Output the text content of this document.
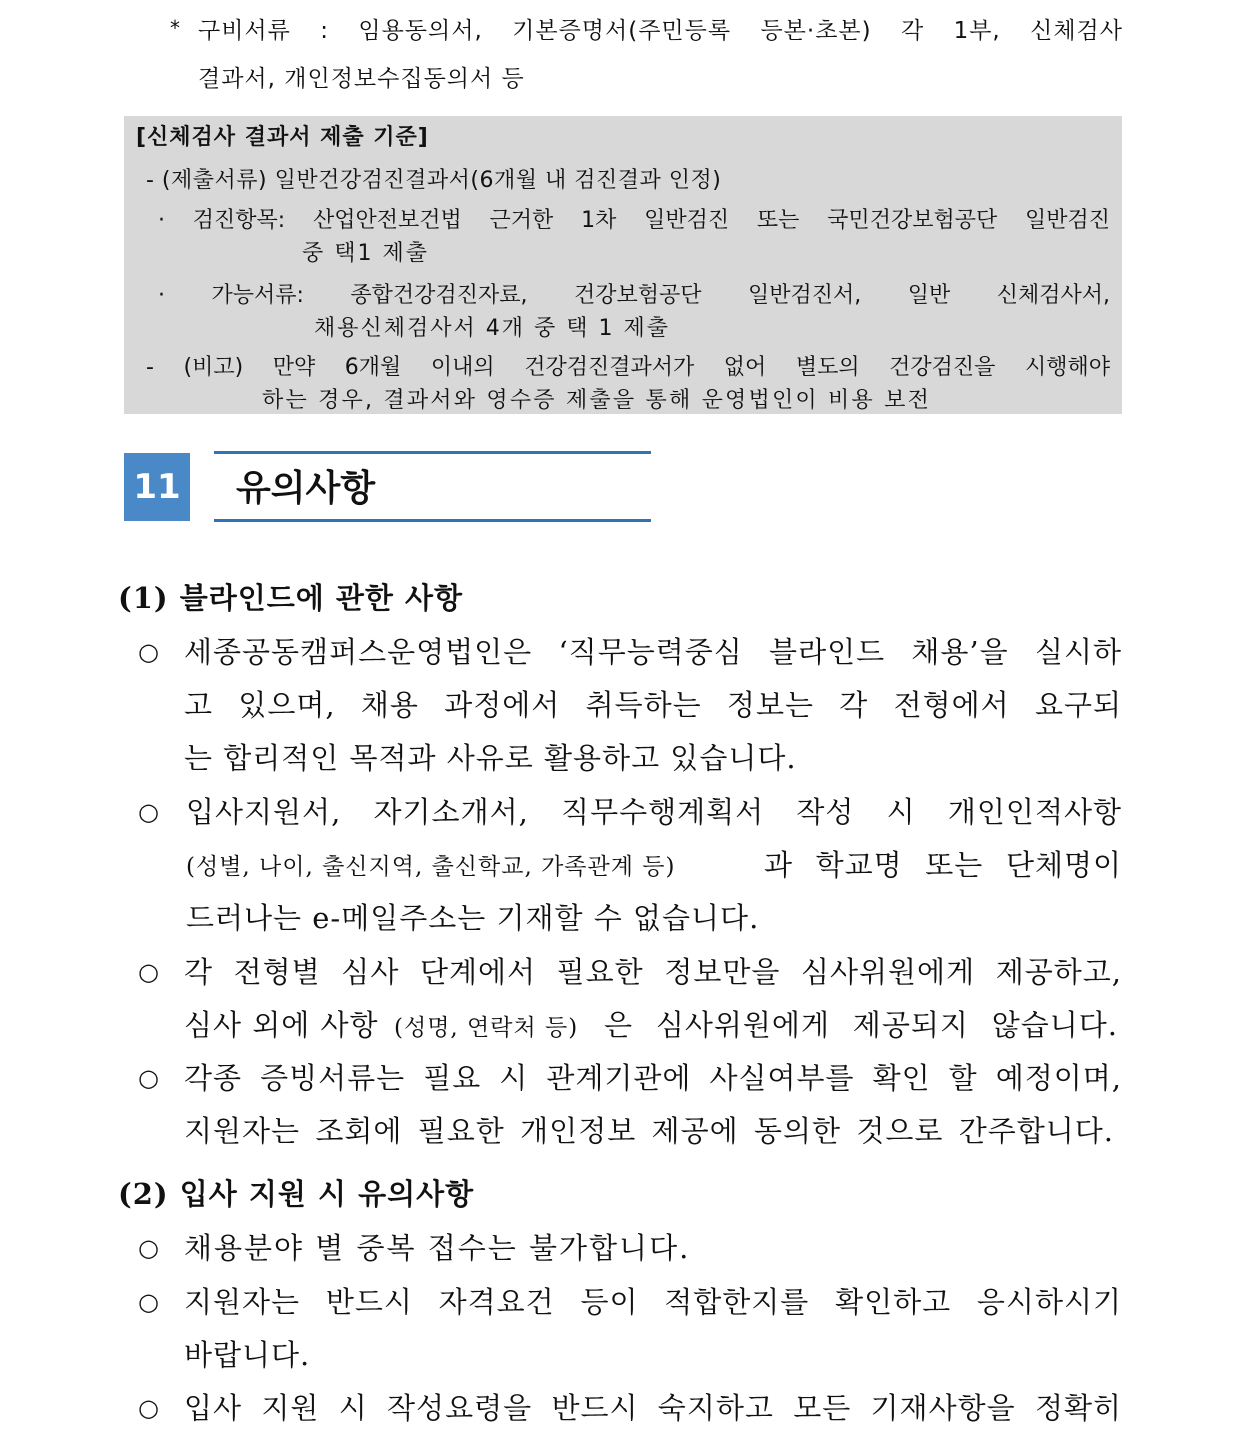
* 구비서류 : 임용동의서, 기본증명서(주민등록 등본·초본) 각 1부, 신체검사
결과서, 개인정보수집동의서 등
[신체검사 결과서 제출 기준]
- (제출서류) 일반건강검진결과서(6개월 내 검진결과 인정)
· 검진항목: 산업안전보건법 근거한 1차 일반검진 또는 국민건강보험공단 일반검진
중 택1 제출
· 가능서류: 종합건강검진자료, 건강보험공단 일반검진서, 일반 신체검사서,
채용신체검사서 4개 중 택 1 제출
- (비고) 만약 6개월 이내의 건강검진결과서가 없어 별도의 건강검진을 시행해야
하는 경우, 결과서와 영수증 제출을 통해 운영법인이 비용 보전
11 유의사항
(1) 블라인드에 관한 사항
○ 세종공동캠퍼스운영법인은 ‘직무능력중심 블라인드 채용’을 실시하
고 있으며, 채용 과정에서 취득하는 정보는 각 전형에서 요구되
는 합리적인 목적과 사유로 활용하고 있습니다.
○ 입사지원서, 자기소개서, 직무수행계획서 작성 시 개인인적사항
(성별, 나이, 출신지역, 출신학교, 가족관계 등)	과 학교명 또는 단체명이
드러나는 e-메일주소는 기재할 수 없습니다.
○ 각 전형별 심사 단계에서 필요한 정보만을 심사위원에게 제공하고,
심사 외에 사항 (성명, 연락처 등) 은 심사위원에게 제공되지 않습니다.
○ 각종 증빙서류는 필요 시 관계기관에 사실여부를 확인 할 예정이며,
지원자는 조회에 필요한 개인정보 제공에 동의한 것으로 간주합니다.
(2) 입사 지원 시 유의사항
○ 채용분야 별 중복 접수는 불가합니다.
○ 지원자는 반드시 자격요건 등이 적합한지를 확인하고 응시하시기
바랍니다.
○ 입사 지원 시 작성요령을 반드시 숙지하고 모든 기재사항을 정확히
